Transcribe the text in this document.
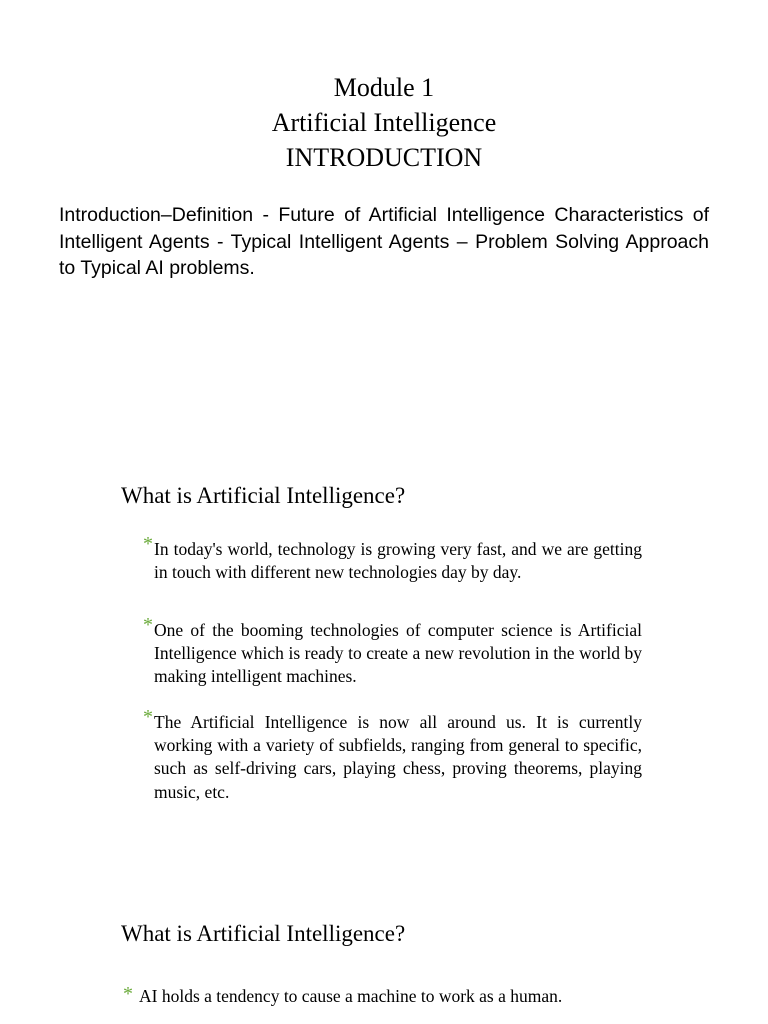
Module 1
Artificial Intelligence
INTRODUCTION
Introduction–Definition - Future of Artificial Intelligence Characteristics of Intelligent Agents - Typical Intelligent Agents – Problem Solving Approach to Typical AI problems.
What is Artificial Intelligence?
* In today's world, technology is growing very fast, and we are getting in touch with different new technologies day by day.
* One of the booming technologies of computer science is Artificial Intelligence which is ready to create a new revolution in the world by making intelligent machines.
* The Artificial Intelligence is now all around us. It is currently working with a variety of subfields, ranging from general to specific, such as self-driving cars, playing chess, proving theorems, playing music, etc.
What is Artificial Intelligence?
* AI holds a tendency to cause a machine to work as a human.
